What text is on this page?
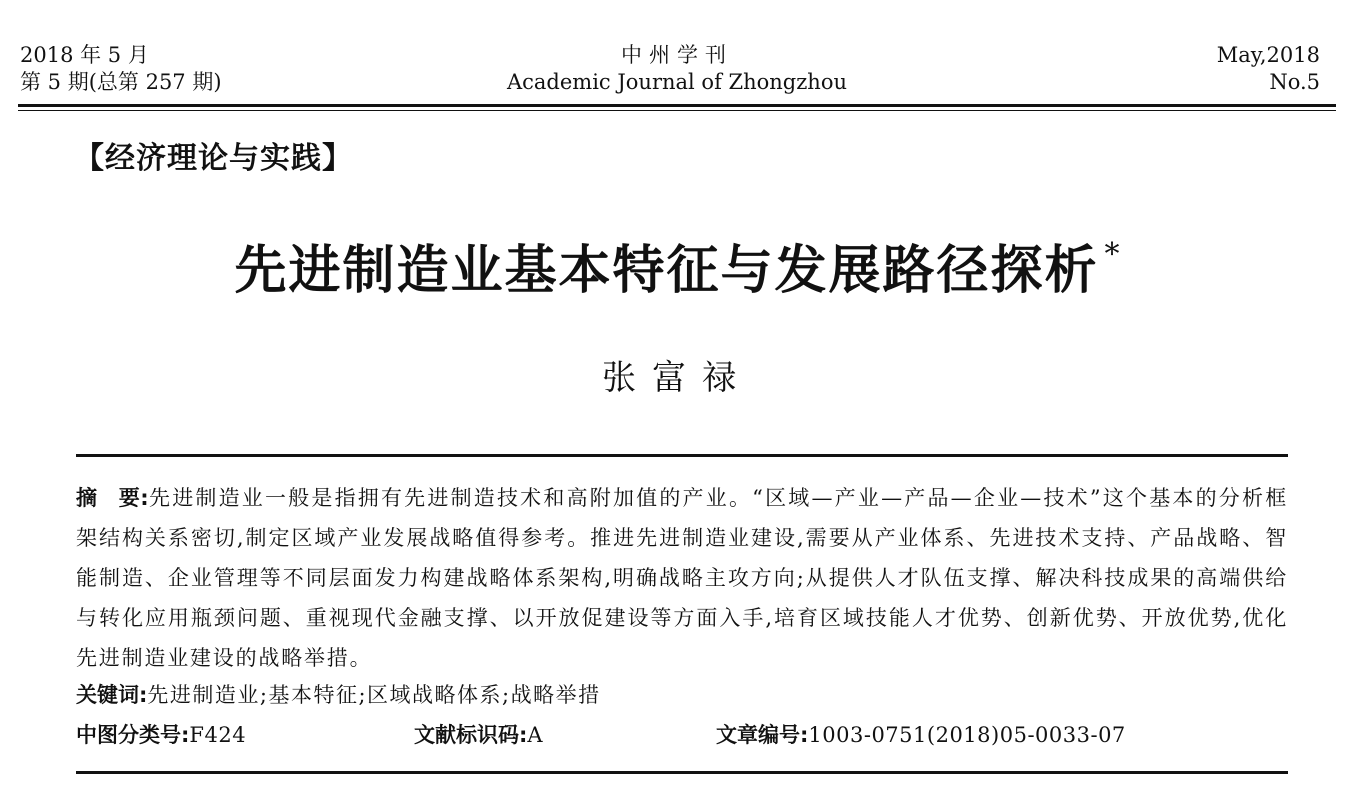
2018 年 5 月
第 5 期(总第 257 期)
中州学刊
Academic Journal of Zhongzhou
May,2018
No.5
【经济理论与实践】
先进制造业基本特征与发展路径探析 *
张富禄
摘　要:先进制造业一般是指拥有先进制造技术和高附加值的产业。“区域—产业—产品—企业—技术”这个基本的分析框架结构关系密切,制定区域产业发展战略值得参考。推进先进制造业建设,需要从产业体系、先进技术支持、产品战略、智能制造、企业管理等不同层面发力构建战略体系架构,明确战略主攻方向;从提供人才队伍支撑、解决科技成果的高端供给与转化应用瓶颈问题、重视现代金融支撑、以开放促建设等方面入手,培育区域技能人才优势、创新优势、开放优势,优化先进制造业建设的战略举措。
关键词:先进制造业;基本特征;区域战略体系;战略举措
中图分类号:F424	文献标识码:A	文章编号:1003-0751(2018)05-0033-07
